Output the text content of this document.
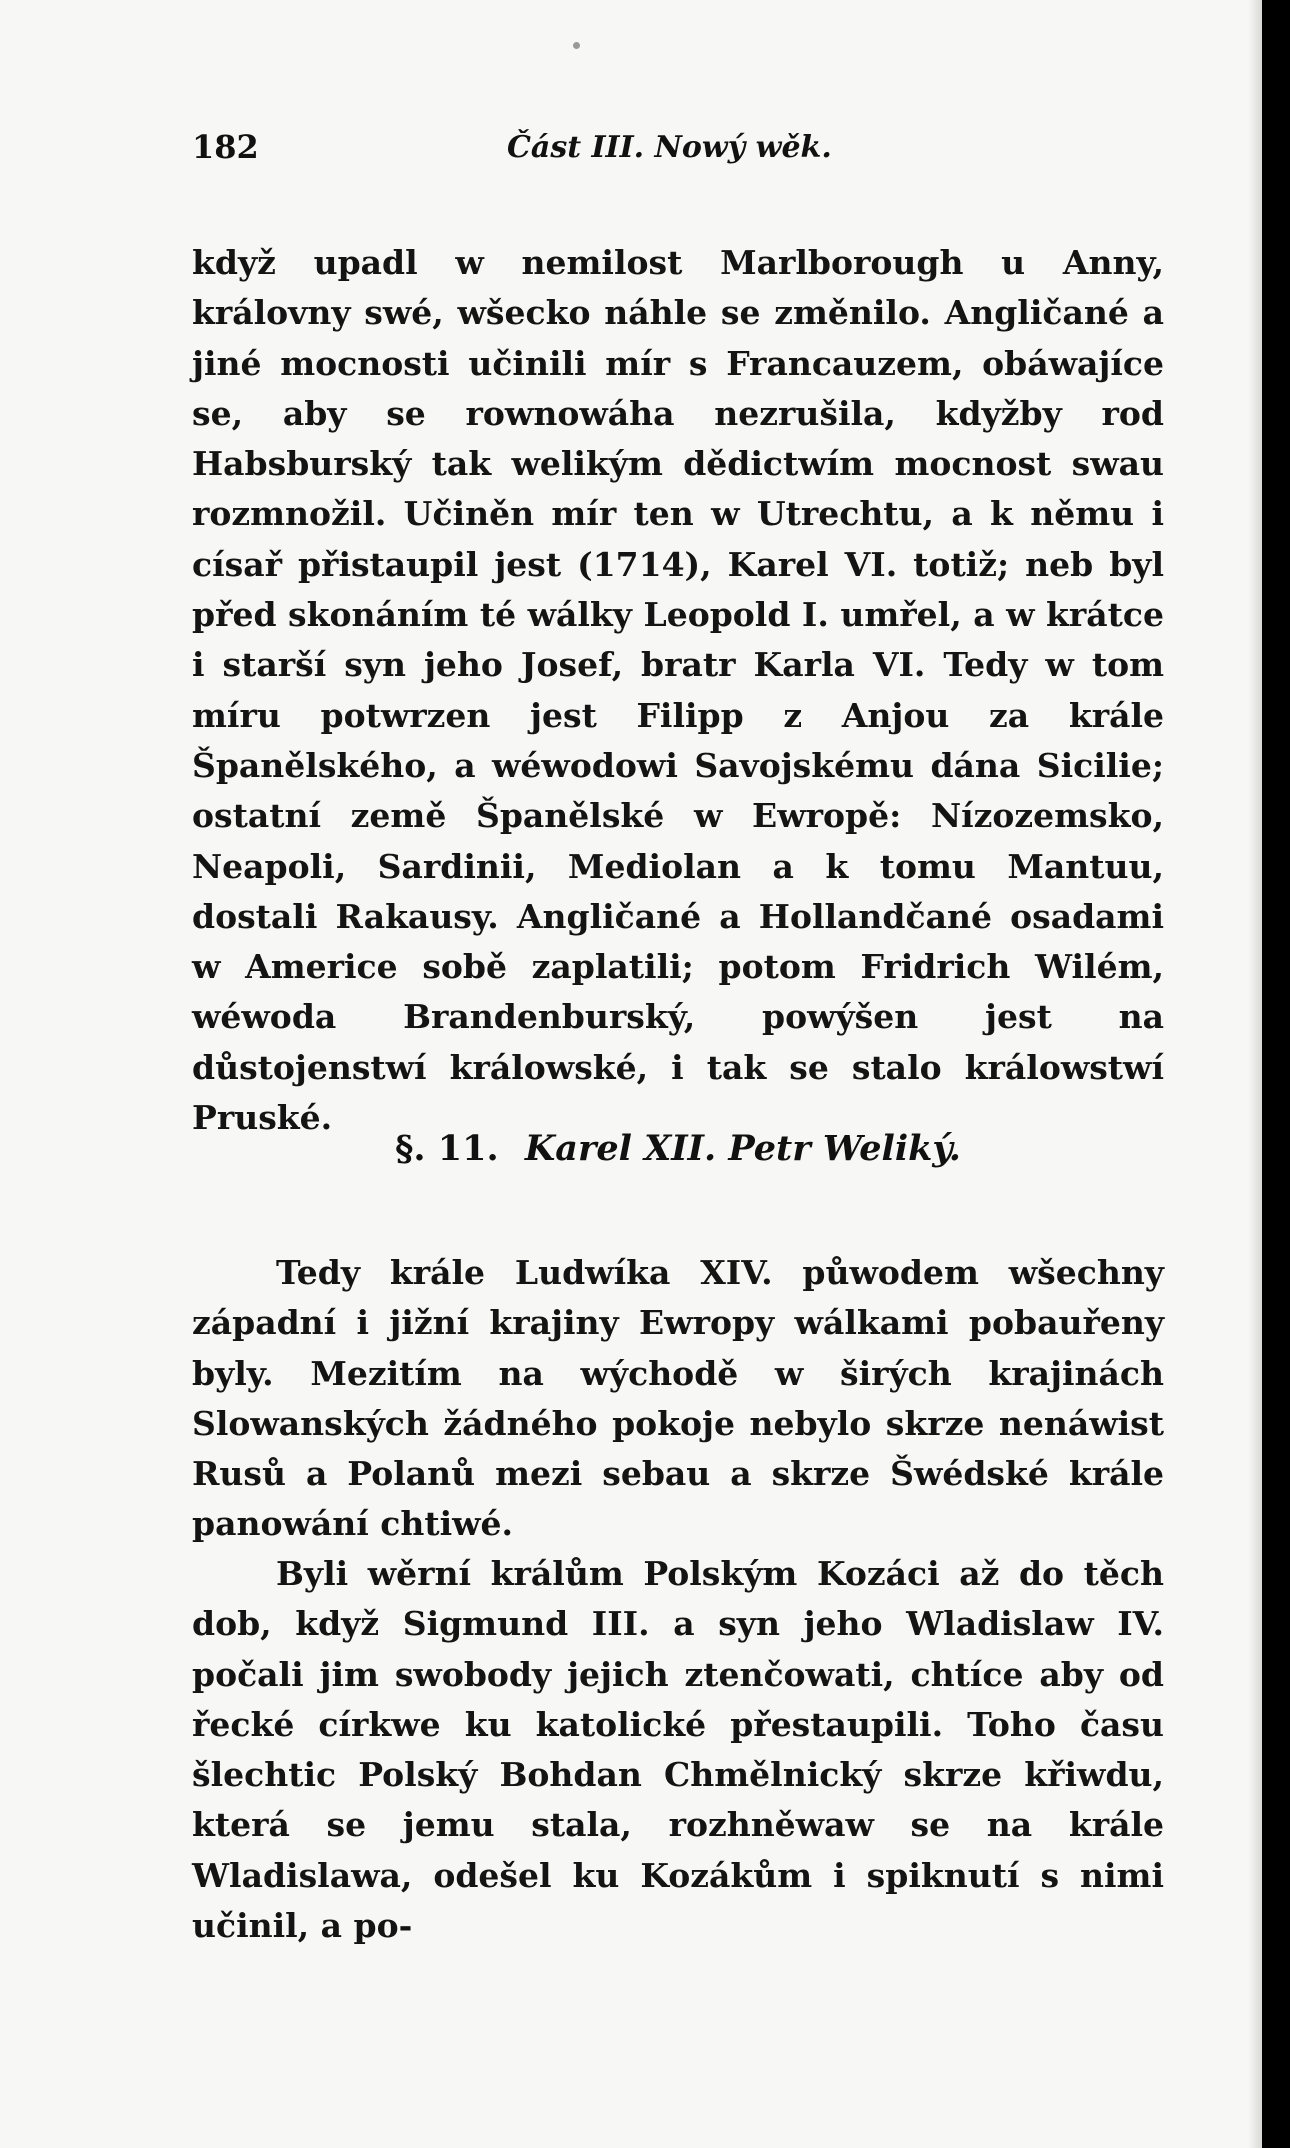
182	Část III. Nowý wěk.

když upadl w nemilost Marlborough u Anny, královny swé, wšecko náhle se změnilo. Angličané a jiné mocnosti učinili mír s Francauzem, obáwajíce se, aby se rownowáha nezrušila, kdyžby rod Habsburský tak welikým dědictwím mocnost swau rozmnožil. Učiněn mír ten w Utrechtu, a k němu i císař přistaupil jest (1714), Karel VI. totiž; neb byl před skonáním té wálky Leopold I. umřel, a w krátce i starší syn jeho Josef, bratr Karla VI. Tedy w tom míru potwrzen jest Filipp z Anjou za krále Španělského, a wéwodowi Savojskému dána Sicilie; ostatní země Španělské w Ewropě: Nízozemsko, Neapoli, Sardinii, Mediolan a k tomu Mantuu, dostali Rakausy. Angličané a Hollandčané osadami w Americe sobě zaplatili; potom Fridrich Wilém, wéwoda Brandenburský, powýšen jest na důstojenstwí králowské, i tak se stalo králowstwí Pruské.

§. 11. Karel XII. Petr Weliký.

Tedy krále Ludwíka XIV. půwodem wšechny západní i jižní krajiny Ewropy wálkami pobauřeny byly. Mezitím na wýchodě w širých krajinách Slowanských žádného pokoje nebylo skrze nenáwist Rusů a Polanů mezi sebau a skrze Šwédské krále panowání chtiwé.

Byli wěrní králům Polským Kozáci až do těch dob, když Sigmund III. a syn jeho Wladislaw IV. počali jim swobody jejich ztenčowati, chtíce aby od řecké církwe ku katolické přestaupili. Toho času šlechtic Polský Bohdan Chmělnický skrze křiwdu, která se jemu stala, rozhněwaw se na krále Wladislawa, odešel ku Kozákům i spiknutí s nimi učinil, a po-
